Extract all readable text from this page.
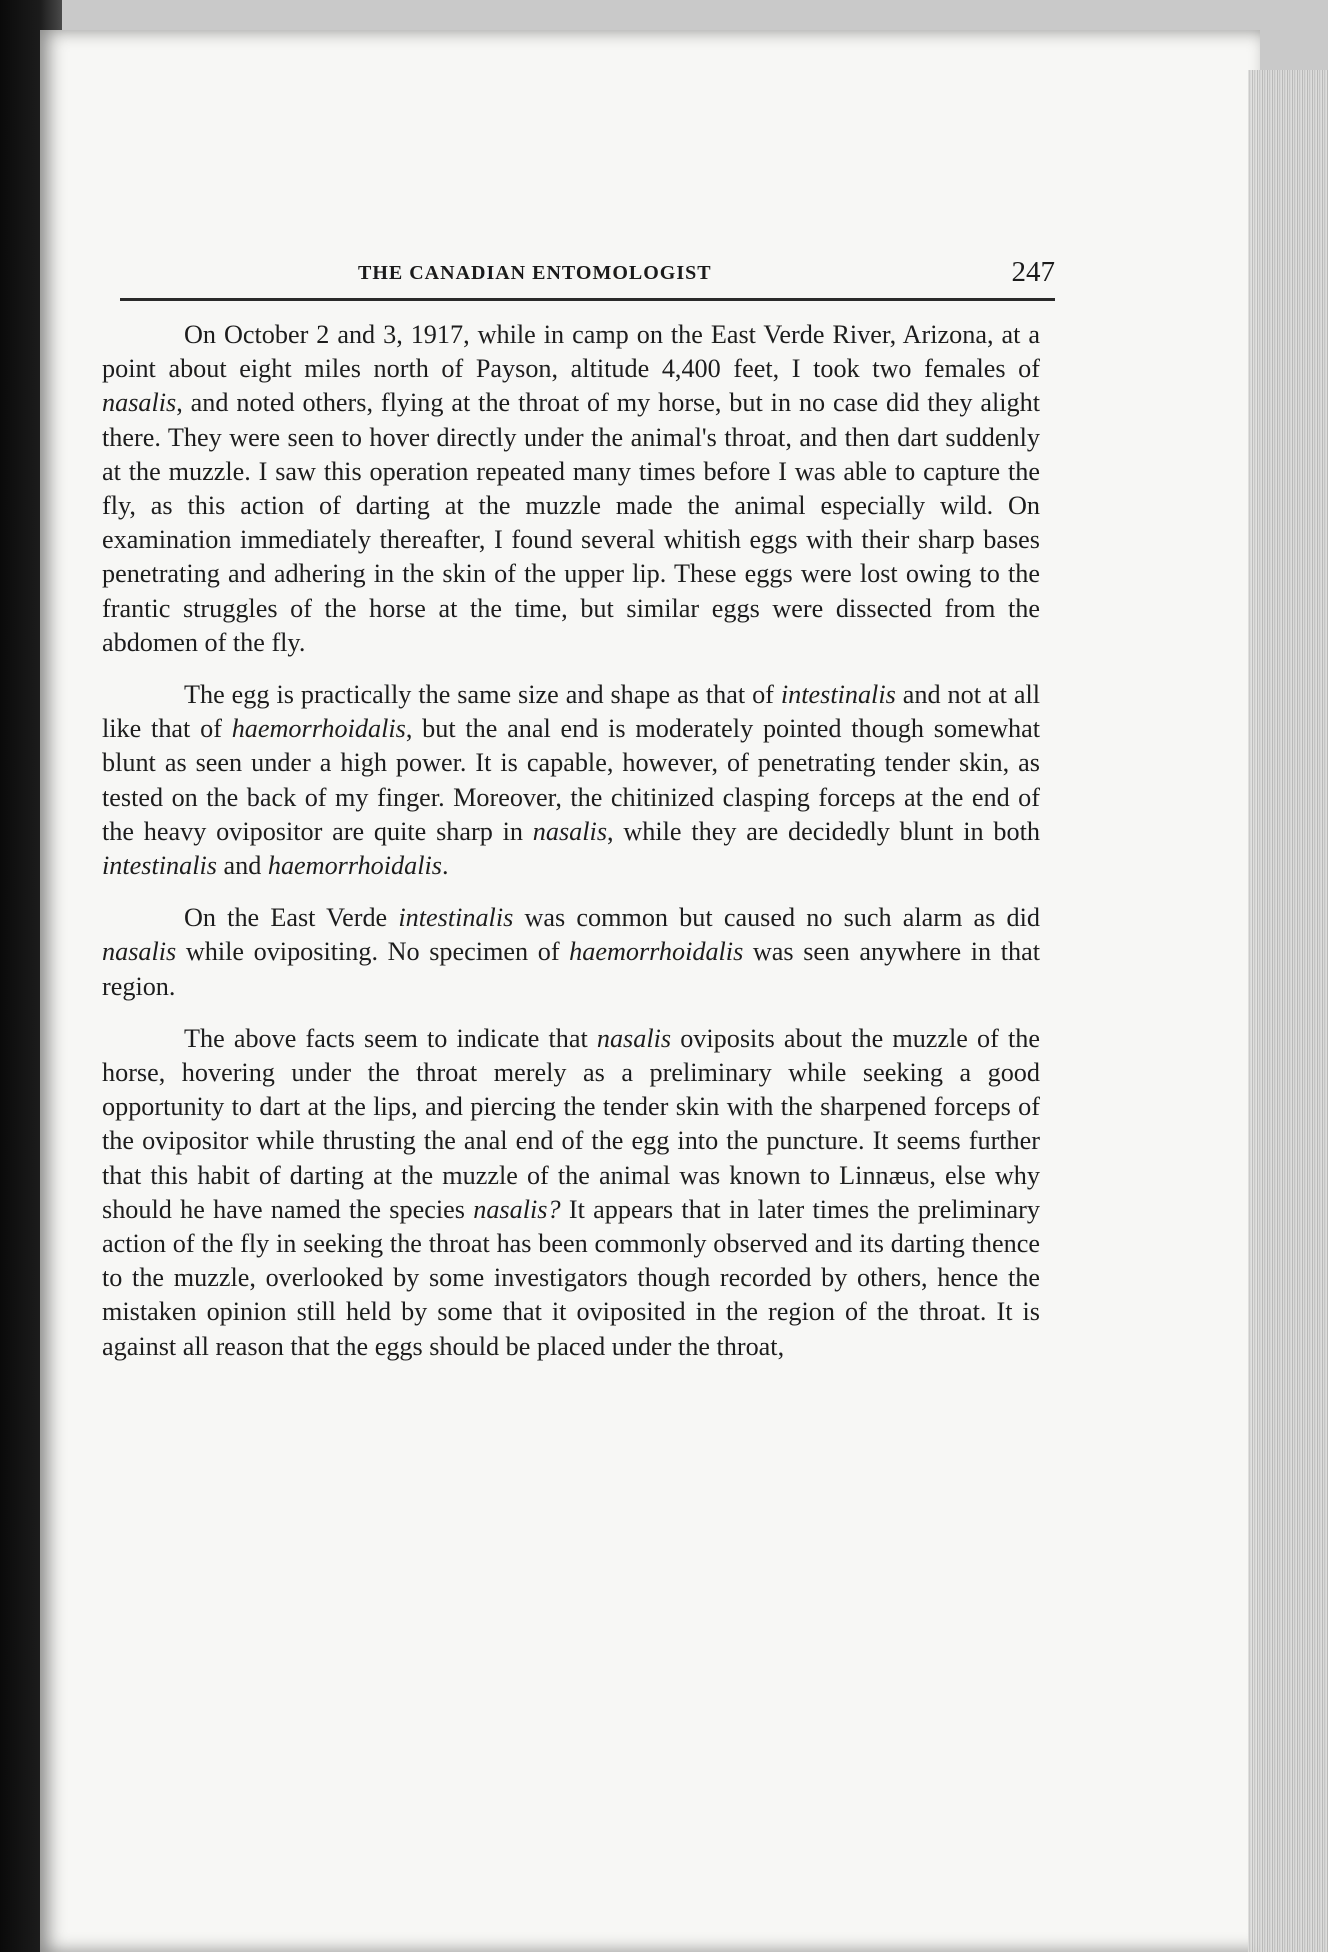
THE CANADIAN ENTOMOLOGIST	247

On October 2 and 3, 1917, while in camp on the East Verde River, Arizona, at a point about eight miles north of Payson, altitude 4,400 feet, I took two females of nasalis, and noted others, flying at the throat of my horse, but in no case did they alight there. They were seen to hover directly under the animal's throat, and then dart suddenly at the muzzle. I saw this operation repeated many times before I was able to capture the fly, as this action of darting at the muzzle made the animal especially wild. On examination immediately thereafter, I found several whitish eggs with their sharp bases penetrating and adhering in the skin of the upper lip. These eggs were lost owing to the frantic struggles of the horse at the time, but similar eggs were dissected from the abdomen of the fly.

The egg is practically the same size and shape as that of intestinalis and not at all like that of haemorrhoidalis, but the anal end is moderately pointed though somewhat blunt as seen under a high power. It is capable, however, of penetrating tender skin, as tested on the back of my finger. Moreover, the chitinized clasping forceps at the end of the heavy ovipositor are quite sharp in nasalis, while they are decidedly blunt in both intestinalis and haemorrhoidalis.

On the East Verde intestinalis was common but caused no such alarm as did nasalis while ovipositing. No specimen of haemorrhoidalis was seen anywhere in that region.

The above facts seem to indicate that nasalis oviposits about the muzzle of the horse, hovering under the throat merely as a preliminary while seeking a good opportunity to dart at the lips, and piercing the tender skin with the sharpened forceps of the ovipositor while thrusting the anal end of the egg into the puncture. It seems further that this habit of darting at the muzzle of the animal was known to Linnæus, else why should he have named the species nasalis? It appears that in later times the preliminary action of the fly in seeking the throat has been commonly observed and its darting thence to the muzzle, overlooked by some investigators though recorded by others, hence the mistaken opinion still held by some that it oviposited in the region of the throat. It is against all reason that the eggs should be placed under the throat,
